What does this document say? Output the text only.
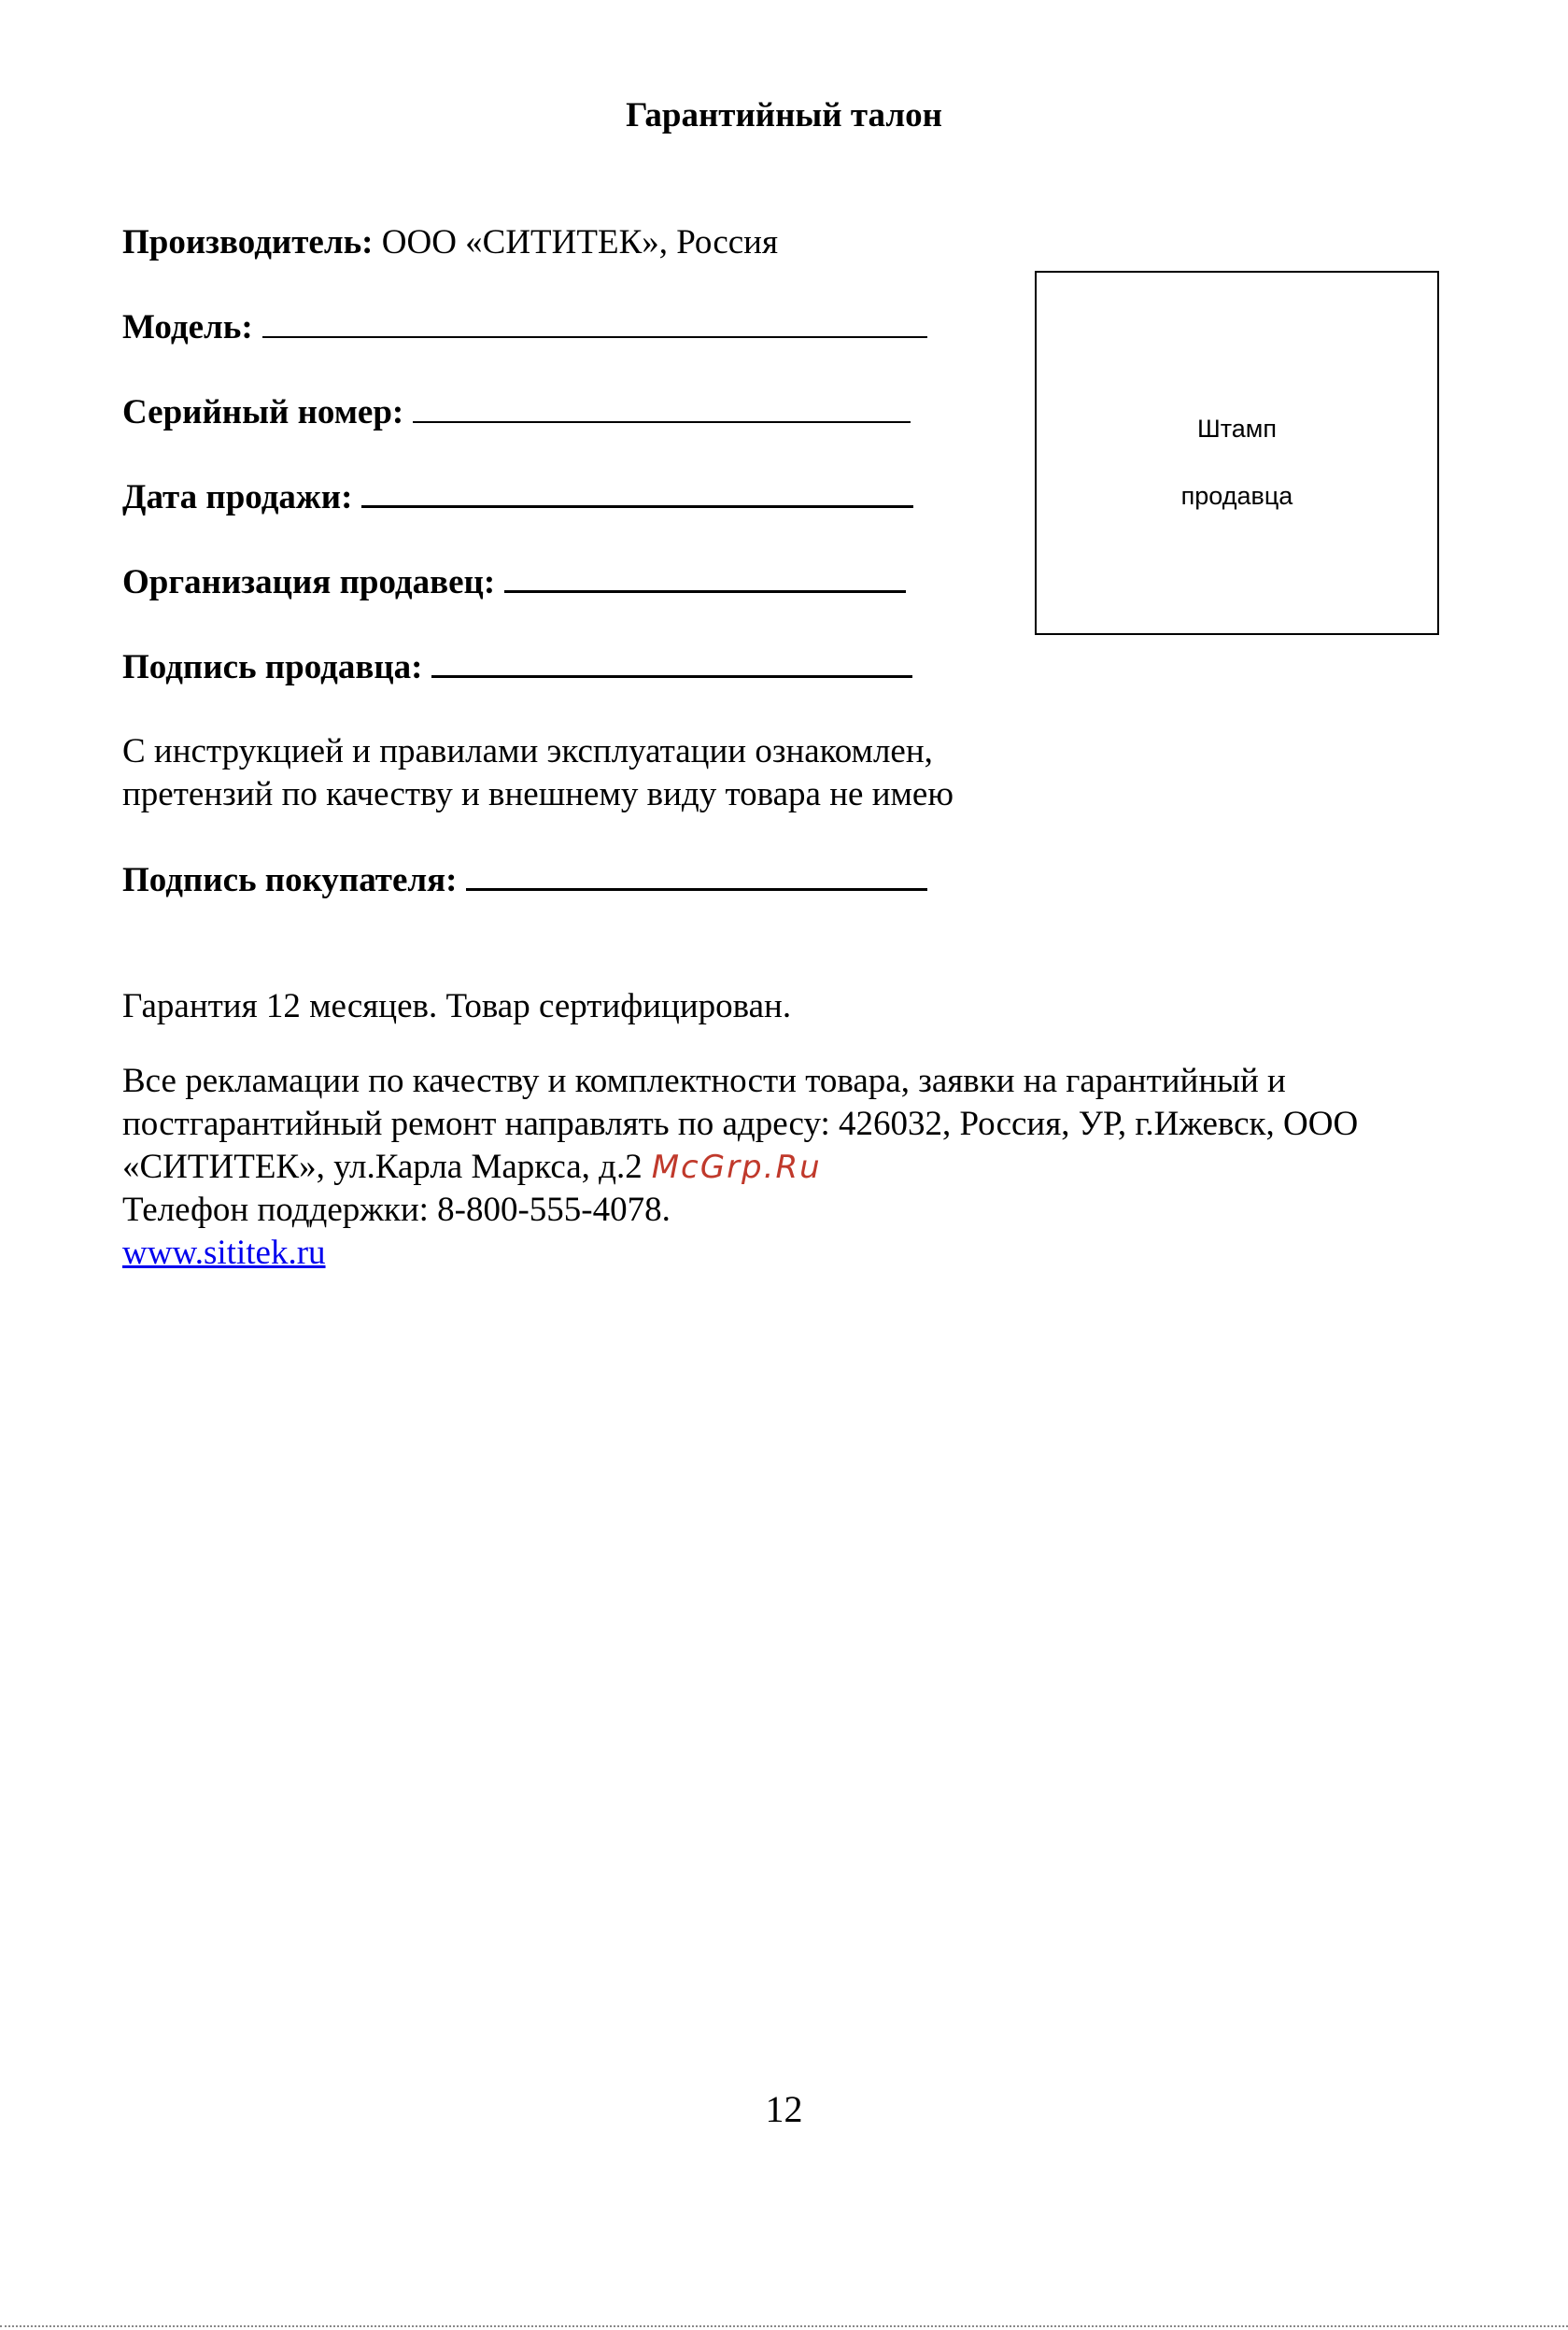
Гарантийный талон
Производитель: ООО «СИТИТЕК», Россия
Модель:
Серийный номер:
Дата продажи:
Организация продавец:
Подпись продавца:
Штамп
продавца
С инструкцией и правилами эксплуатации ознакомлен,
претензий по качеству и внешнему виду товара не имею
Подпись покупателя:
Гарантия 12 месяцев. Товар сертифицирован.
Все рекламации по качеству и комплектности товара, заявки на гарантийный и
постгарантийный ремонт направлять по адресу: 426032, Россия, УР, г.Ижевск, ООО
«СИТИТЕК», ул.Карла Маркса, д.2 McGrp.Ru
Телефон поддержки: 8-800-555-4078.
www.sititek.ru
12
